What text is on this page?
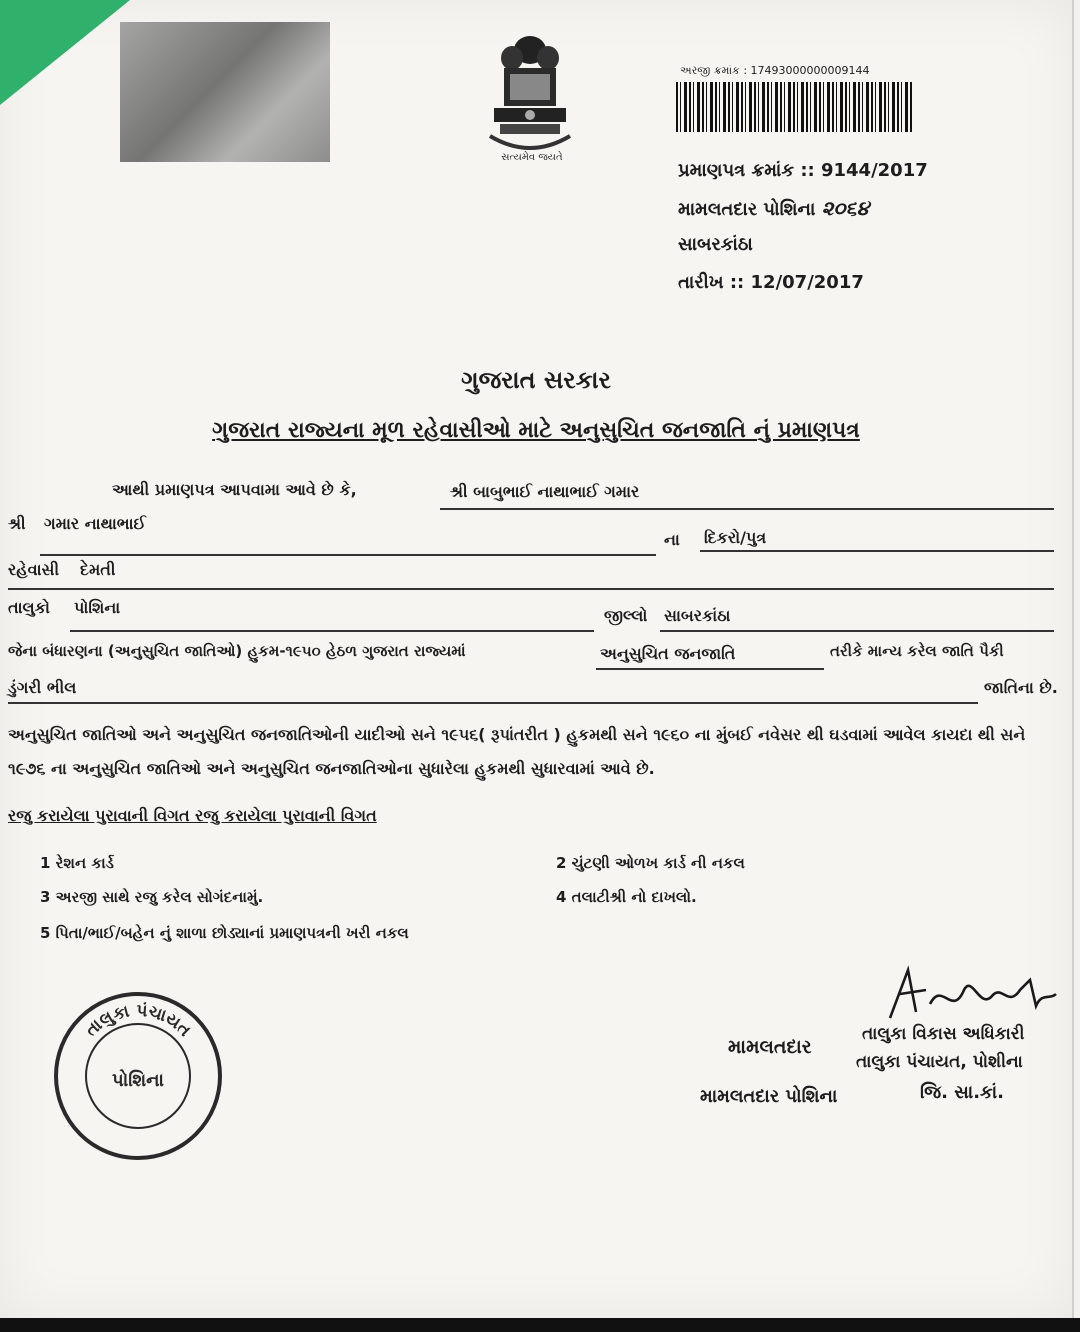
સત્યમેવ જયતે
અરજી ક્રમાંક : 17493000000009144
પ્રમાણપત્ર ક્રમાંક :: 9144/2017
મામલતદાર પોશિના ૨૦૬૪
સાબરકાંઠા
તારીખ :: 12/07/2017
ગુજરાત સરકાર
ગુજરાત રાજ્યના મૂળ રહેવાસીઓ માટે અનુસુચિત જનજાતિ નું પ્રમાણપત્ર
આથી પ્રમાણપત્ર આપવામા આવે છે કે,	શ્રી બાબુભાઈ નાથાભાઈ ગમાર
શ્રી ગમાર નાથાભાઈ
ના દિકરો/પુત્ર
રહેવાસી દેમતી
તાલુકો પોશિના	જીલ્લો સાબરકાંઠા
જેના બંધારણના (અનુસુચિત જાતિઓ) હુકમ-૧૯૫૦ હેઠળ ગુજરાત રાજ્યમાં	અનુસુચિત જનજાતિ	તરીકે માન્ય કરેલ જાતિ પૈકી
ડુંગરી ભીલ	જાતિના છે.
અનુસુચિત જાતિઓ અને અનુસુચિત જનજાતિઓની યાદીઓ સને ૧૯૫૬( રૂપાંતરીત ) હુકમથી સને ૧૯૬૦ ના મુંબઈ નવેસર થી ઘડવામાં આવેલ કાયદા થી સને ૧૯૭૬ ના અનુસુચિત જાતિઓ અને અનુસુચિત જનજાતિઓના સુધારેલા હુકમથી સુધારવામાં આવે છે.
રજુ કરાયેલા પુરાવાની વિગત રજુ કરાયેલા પુરાવાની વિગત
1 રેશન કાર્ડ	2 ચુંટણી ઓળખ કાર્ડ ની નકલ
3 અરજી સાથે રજુ કરેલ સોગંદનામું.	4 તલાટીશ્રી નો દાખલો.
5 પિતા/ભાઈ/બહેન નું શાળા છોડ્યાનાં પ્રમાણપત્રની ખરી નકલ
તાલુકા પંચાયત
પોશિના
મામલતદાર
તાલુકા વિકાસ અધિકારી
તાલુકા પંચાયત, પોશીના
મામલતદાર પોશિના	જિ. સા.કાં.
